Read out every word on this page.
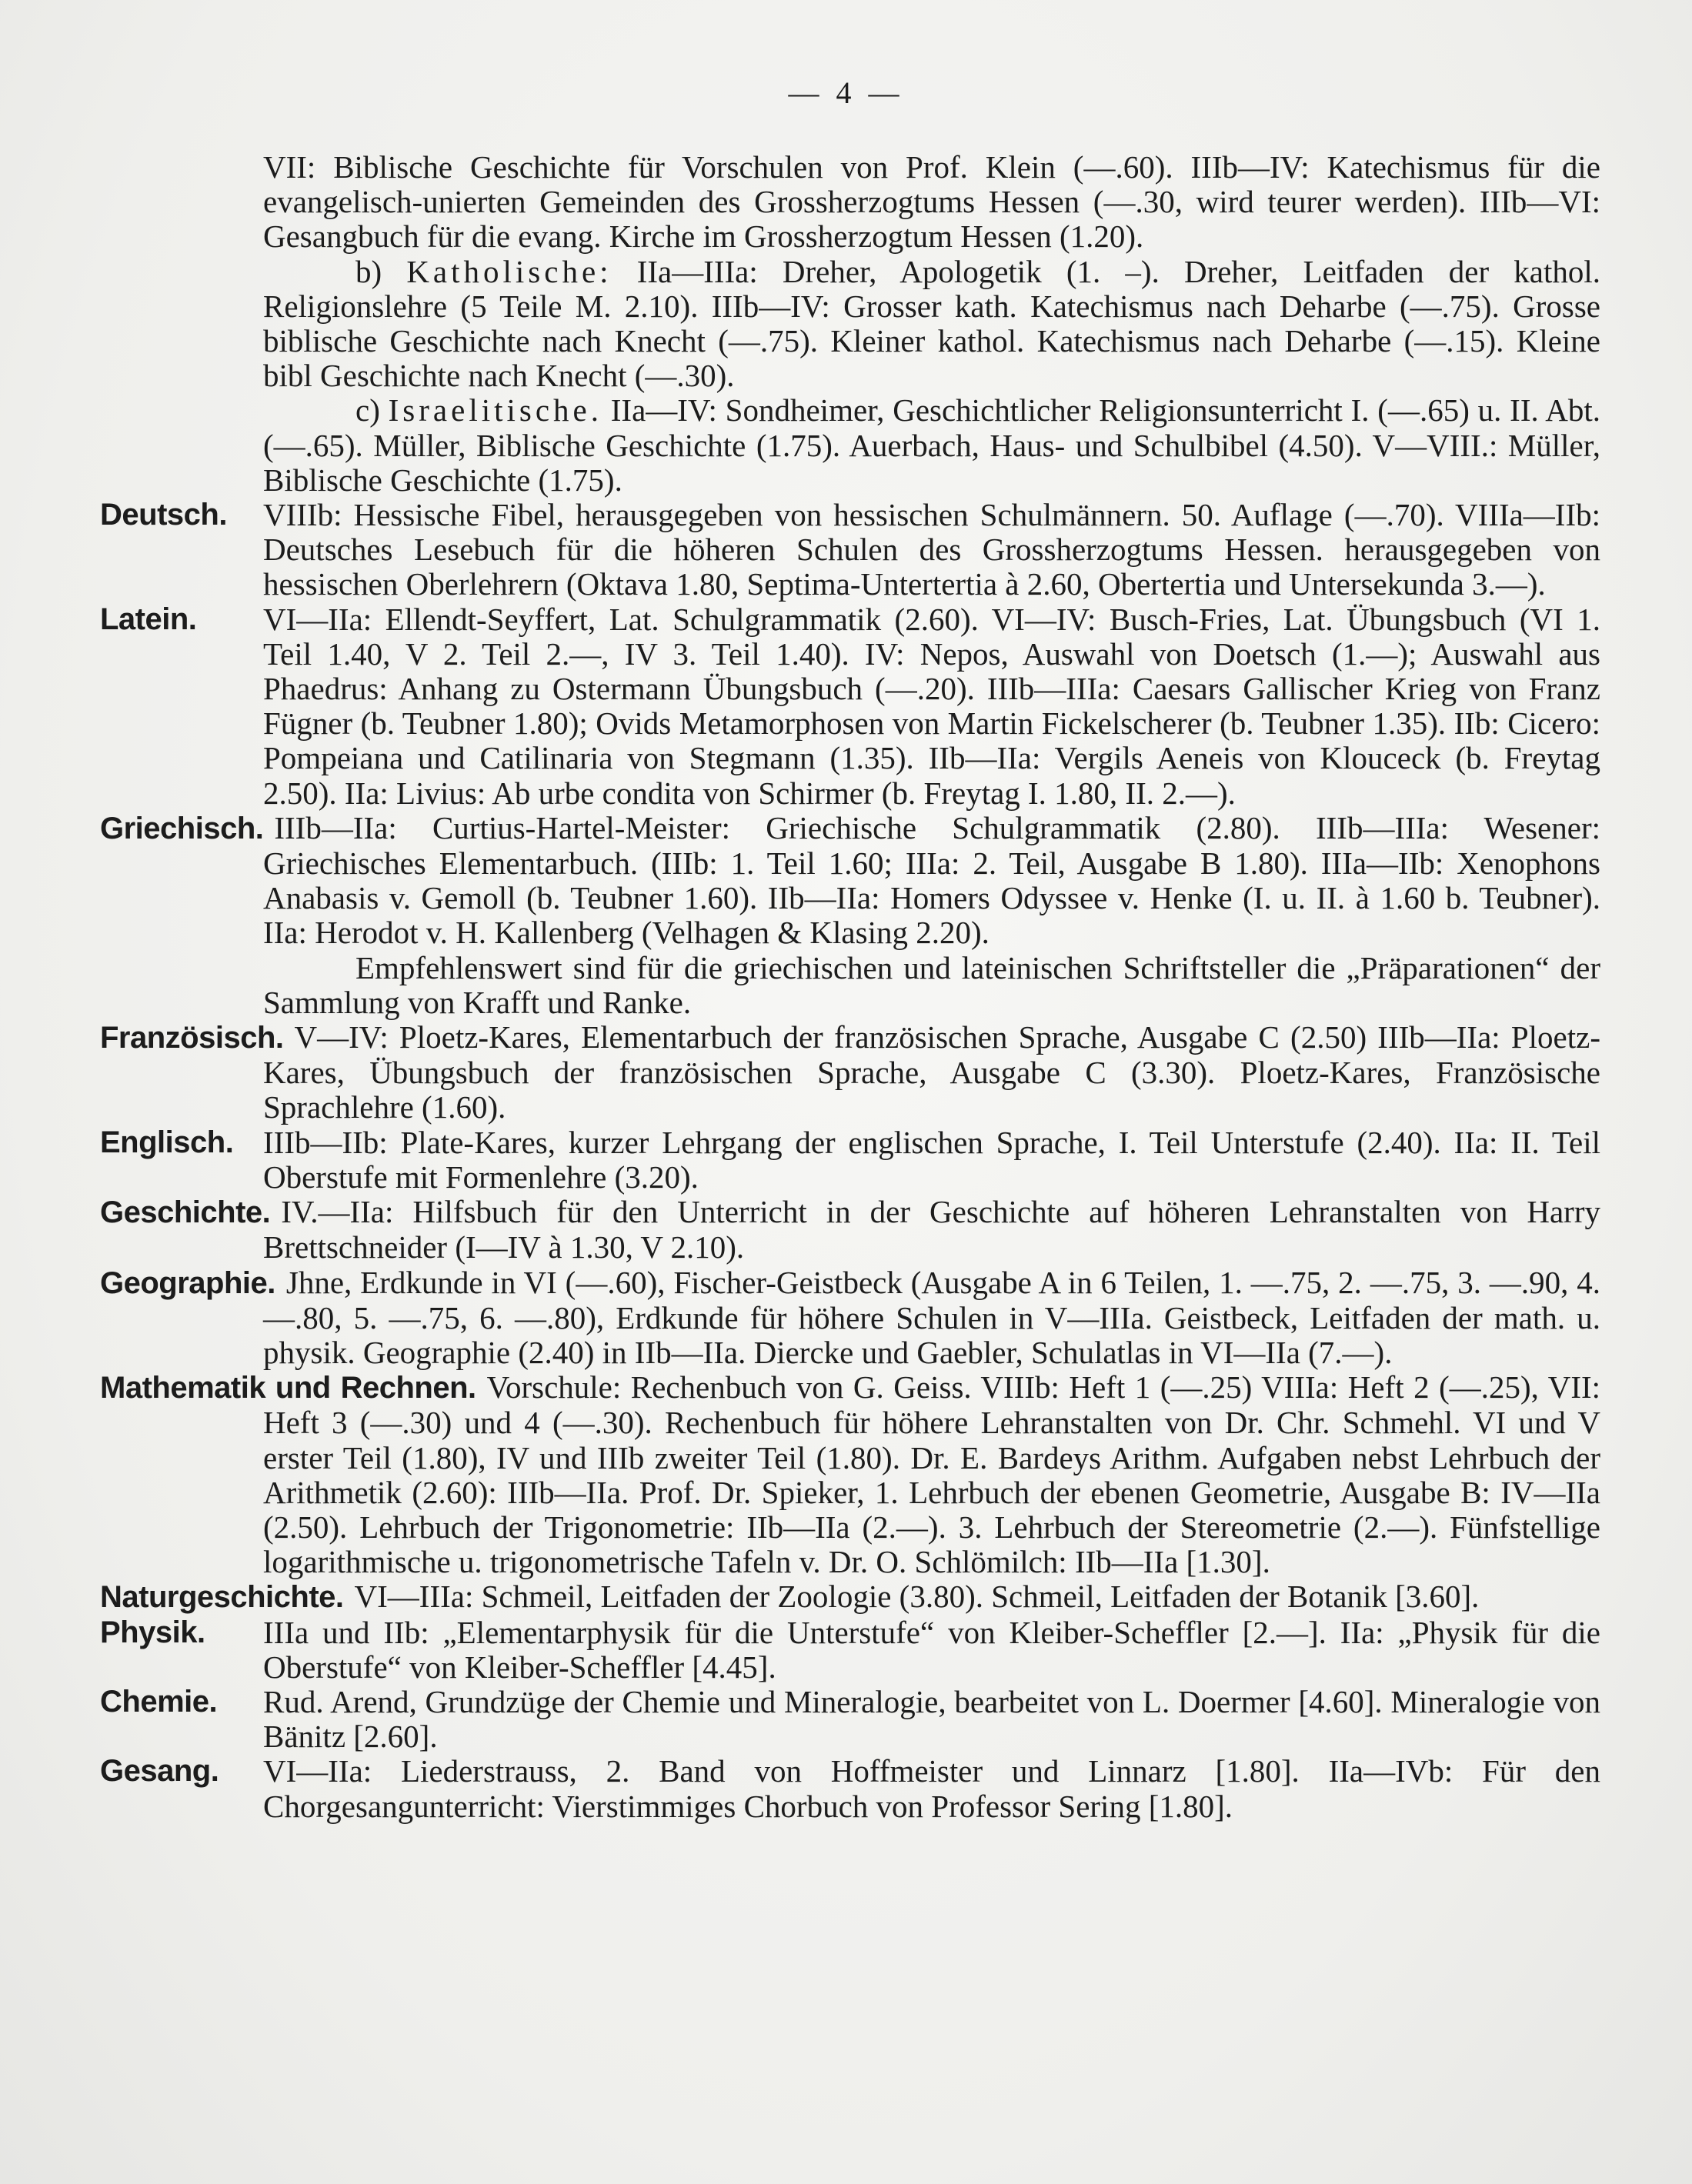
— 4 —

VII: Biblische Geschichte für Vorschulen von Prof. Klein (—.60). IIIb—IV: Katechismus für die evangelisch-unierten Gemeinden des Grossherzogtums Hessen (—.30, wird teurer werden). IIIb—VI: Gesangbuch für die evang. Kirche im Grossherzogtum Hessen (1.20).

b) Katholische: IIa—IIIa: Dreher, Apologetik (1. –). Dreher, Leitfaden der kathol. Religionslehre (5 Teile M. 2.10). IIIb—IV: Grosser kath. Katechismus nach Deharbe (—.75). Grosse biblische Geschichte nach Knecht (—.75). Kleiner kathol. Katechismus nach Deharbe (—.15). Kleine bibl Geschichte nach Knecht (—.30).

c) Israelitische. IIa—IV: Sondheimer, Geschichtlicher Religionsunterricht I. (—.65) u. II. Abt. (—.65). Müller, Biblische Geschichte (1.75). Auerbach, Haus- und Schulbibel (4.50). V—VIII.: Müller, Biblische Geschichte (1.75).

Deutsch. VIIIb: Hessische Fibel, herausgegeben von hessischen Schulmännern. 50. Auflage (—.70). VIIIa—IIb: Deutsches Lesebuch für die höheren Schulen des Grossherzogtums Hessen. herausgegeben von hessischen Oberlehrern (Oktava 1.80, Septima-Untertertia à 2.60, Obertertia und Untersekunda 3.—).

Latein. VI—IIa: Ellendt-Seyffert, Lat. Schulgrammatik (2.60). VI—IV: Busch-Fries, Lat. Übungsbuch (VI 1. Teil 1.40, V 2. Teil 2.—, IV 3. Teil 1.40). IV: Nepos, Auswahl von Doetsch (1.—); Auswahl aus Phaedrus: Anhang zu Ostermann Übungsbuch (—.20). IIIb—IIIa: Caesars Gallischer Krieg von Franz Fügner (b. Teubner 1.80); Ovids Metamorphosen von Martin Fickelscherer (b. Teubner 1.35). IIb: Cicero: Pompeiana und Catilinaria von Stegmann (1.35). IIb—IIa: Vergils Aeneis von Klouceck (b. Freytag 2.50). IIa: Livius: Ab urbe condita von Schirmer (b. Freytag I. 1.80, II. 2.—).

Griechisch. IIIb—IIa: Curtius-Hartel-Meister: Griechische Schulgrammatik (2.80). IIIb—IIIa: Wesener: Griechisches Elementarbuch. (IIIb: 1. Teil 1.60; IIIa: 2. Teil, Ausgabe B 1.80). IIIa—IIb: Xenophons Anabasis v. Gemoll (b. Teubner 1.60). IIb—IIa: Homers Odyssee v. Henke (I. u. II. à 1.60 b. Teubner). IIa: Herodot v. H. Kallenberg (Velhagen & Klasing 2.20).

Empfehlenswert sind für die griechischen und lateinischen Schriftsteller die „Präparationen“ der Sammlung von Krafft und Ranke.

Französisch. V—IV: Ploetz-Kares, Elementarbuch der französischen Sprache, Ausgabe C (2.50) IIIb—IIa: Ploetz-Kares, Übungsbuch der französischen Sprache, Ausgabe C (3.30). Ploetz-Kares, Französische Sprachlehre (1.60).

Englisch. IIIb—IIb: Plate-Kares, kurzer Lehrgang der englischen Sprache, I. Teil Unterstufe (2.40). IIa: II. Teil Oberstufe mit Formenlehre (3.20).

Geschichte. IV.—IIa: Hilfsbuch für den Unterricht in der Geschichte auf höheren Lehranstalten von Harry Brettschneider (I—IV à 1.30, V 2.10).

Geographie. Jhne, Erdkunde in VI (—.60), Fischer-Geistbeck (Ausgabe A in 6 Teilen, 1. —.75, 2. —.75, 3. —.90, 4. —.80, 5. —.75, 6. —.80), Erdkunde für höhere Schulen in V—IIIa. Geistbeck, Leitfaden der math. u. physik. Geographie (2.40) in IIb—IIa. Diercke und Gaebler, Schulatlas in VI—IIa (7.—).

Mathematik und Rechnen. Vorschule: Rechenbuch von G. Geiss. VIIIb: Heft 1 (—.25) VIIIa: Heft 2 (—.25), VII: Heft 3 (—.30) und 4 (—.30). Rechenbuch für höhere Lehranstalten von Dr. Chr. Schmehl. VI und V erster Teil (1.80), IV und IIIb zweiter Teil (1.80). Dr. E. Bardeys Arithm. Aufgaben nebst Lehrbuch der Arithmetik (2.60): IIIb—IIa. Prof. Dr. Spieker, 1. Lehrbuch der ebenen Geometrie, Ausgabe B: IV—IIa (2.50). Lehrbuch der Trigonometrie: IIb—IIa (2.—). 3. Lehrbuch der Stereometrie (2.—). Fünfstellige logarithmische u. trigonometrische Tafeln v. Dr. O. Schlömilch: IIb—IIa [1.30].

Naturgeschichte. VI—IIIa: Schmeil, Leitfaden der Zoologie (3.80). Schmeil, Leitfaden der Botanik [3.60].

Physik. IIIa und IIb: „Elementarphysik für die Unterstufe“ von Kleiber-Scheffler [2.—]. IIa: „Physik für die Oberstufe“ von Kleiber-Scheffler [4.45].

Chemie. Rud. Arend, Grundzüge der Chemie und Mineralogie, bearbeitet von L. Doermer [4.60]. Mineralogie von Bänitz [2.60].

Gesang. VI—IIa: Liederstrauss, 2. Band von Hoffmeister und Linnarz [1.80]. IIa—IVb: Für den Chorgesangunterricht: Vierstimmiges Chorbuch von Professor Sering [1.80].
